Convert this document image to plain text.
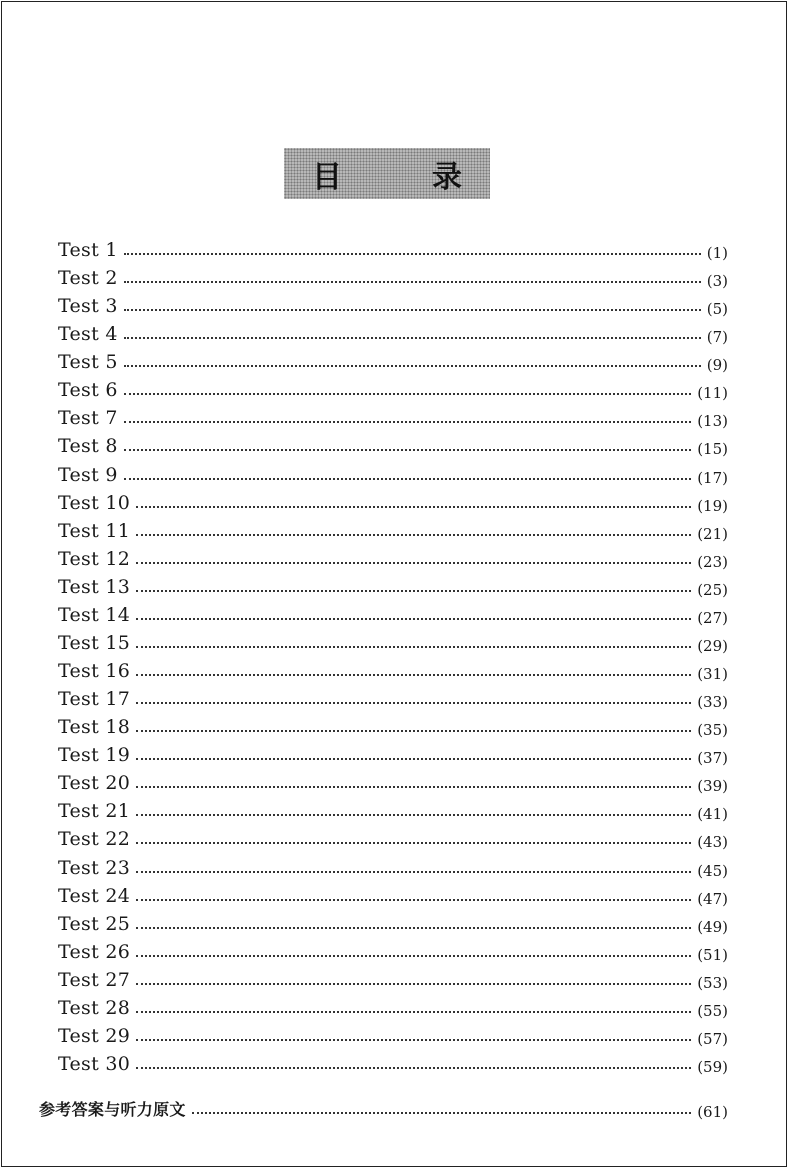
目　录
Test 1	(1)
Test 2	(3)
Test 3	(5)
Test 4	(7)
Test 5	(9)
Test 6	(11)
Test 7	(13)
Test 8	(15)
Test 9	(17)
Test 10	(19)
Test 11	(21)
Test 12	(23)
Test 13	(25)
Test 14	(27)
Test 15	(29)
Test 16	(31)
Test 17	(33)
Test 18	(35)
Test 19	(37)
Test 20	(39)
Test 21	(41)
Test 22	(43)
Test 23	(45)
Test 24	(47)
Test 25	(49)
Test 26	(51)
Test 27	(53)
Test 28	(55)
Test 29	(57)
Test 30	(59)
参考答案与听力原文	(61)
